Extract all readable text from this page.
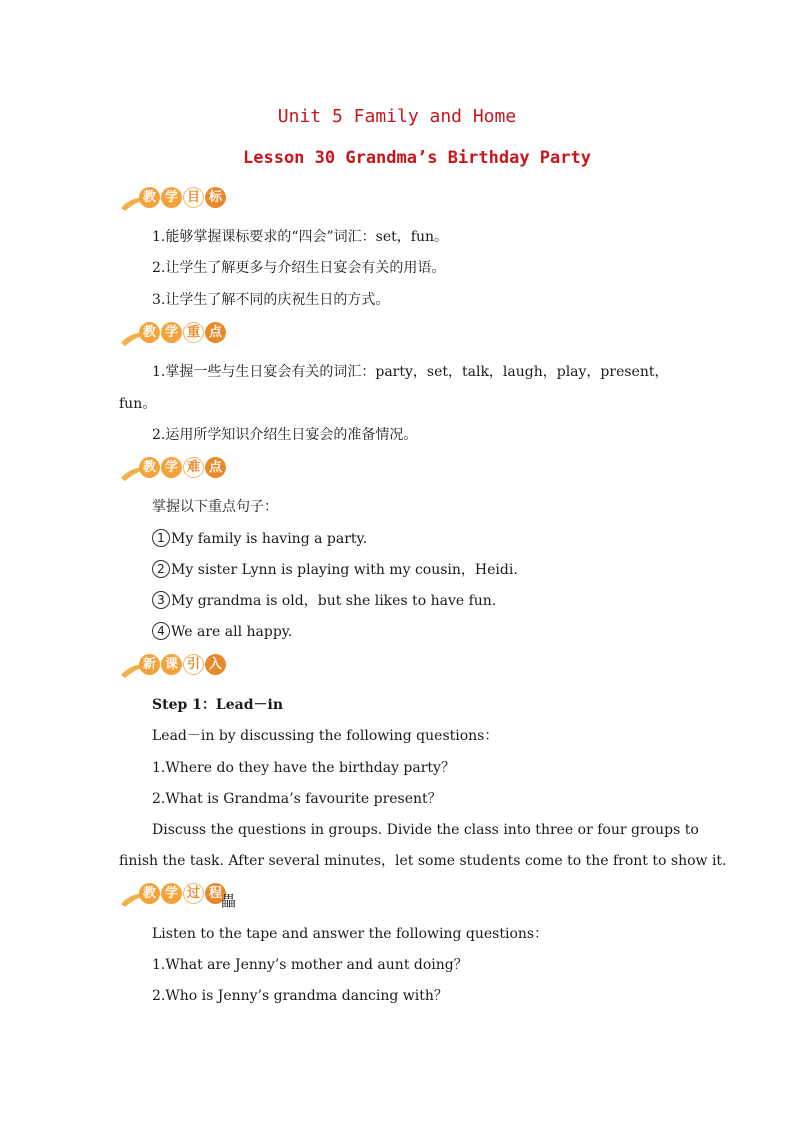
Unit 5 Family and Home
Lesson 30 Grandma’s Birthday Party
教 学 目 标
1.能够掌握课标要求的“四会”词汇：set，fun。
2.让学生了解更多与介绍生日宴会有关的用语。
3.让学生了解不同的庆祝生日的方式。
教 学 重 点
1.掌握一些与生日宴会有关的词汇：party，set，talk，laugh，play，present，
fun。
2.运用所学知识介绍生日宴会的准备情况。
教 学 难 点
掌握以下重点句子：
1 My family is having a party.
2 My sister Lynn is playing with my cousin，Heidi.
3 My grandma is old，but she likes to have fun.
4 We are all happy.
新 课 引 入
Step 1：Lead－in
Lead－in by discussing the following questions：
1.Where do they have the birthday party？
2.What is Grandma’s favourite present？
Discuss the questions in groups. Divide the class into three or four groups to
finish the task. After several minutes，let some students come to the front to show it.
教 学 过 程 畾
Listen to the tape and answer the following questions：
1.What are Jenny’s mother and aunt doing？
2.Who is Jenny’s grandma dancing with？
